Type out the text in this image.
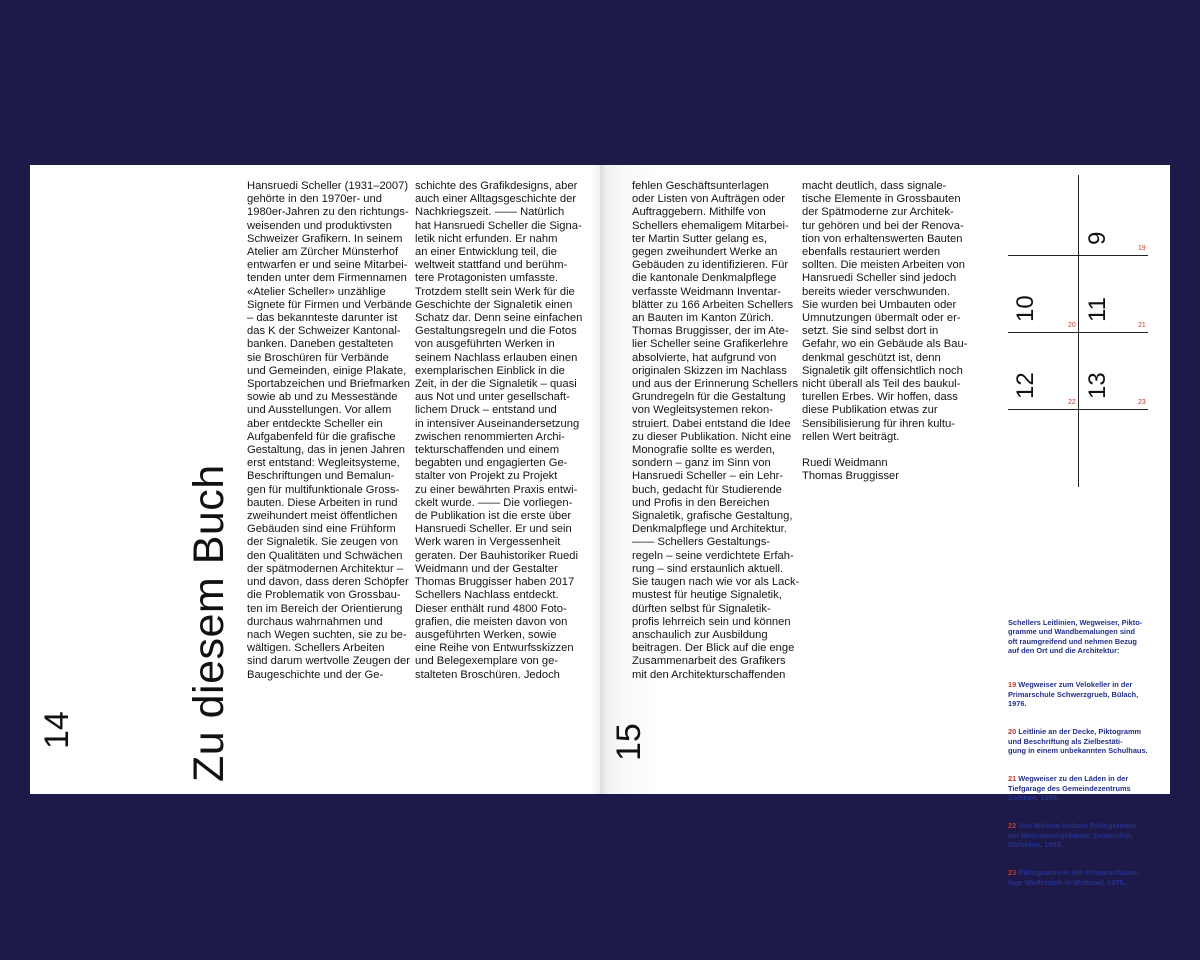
14	Zu diesem Buch
Hansruedi Scheller (1931–2007)
gehörte in den 1970er- und
1980er-Jahren zu den richtungs-
weisenden und produktivsten
Schweizer Grafikern. In seinem
Atelier am Zürcher Münsterhof
entwarfen er und seine Mitarbei-
tenden unter dem Firmennamen
«Atelier Scheller» unzählige
Signete für Firmen und Verbände
– das bekannteste darunter ist
das K der Schweizer Kantonal-
banken. Daneben gestalteten
sie Broschüren für Verbände
und Gemeinden, einige Plakate,
Sportabzeichen und Briefmarken
sowie ab und zu Messestände
und Ausstellungen. Vor allem
aber entdeckte Scheller ein
Aufgabenfeld für die grafische
Gestaltung, das in jenen Jahren
erst entstand: Wegleitsysteme,
Beschriftungen und Bemalun-
gen für multifunktionale Gross-
bauten. Diese Arbeiten in rund
zweihundert meist öffentlichen
Gebäuden sind eine Frühform
der Signaletik. Sie zeugen von
den Qualitäten und Schwächen
der spätmodernen Architektur –
und davon, dass deren Schöpfer
die Problematik von Grossbau-
ten im Bereich der Orientierung
durchaus wahrnahmen und
nach Wegen suchten, sie zu be-
wältigen. Schellers Arbeiten
sind darum wertvolle Zeugen der
Baugeschichte und der Ge-
schichte des Grafikdesigns, aber
auch einer Alltagsgeschichte der
Nachkriegszeit. —— Natürlich
hat Hansruedi Scheller die Signa-
letik nicht erfunden. Er nahm
an einer Entwicklung teil, die
weltweit stattfand und berühm-
tere Protagonisten umfasste.
Trotzdem stellt sein Werk für die
Geschichte der Signaletik einen
Schatz dar. Denn seine einfachen
Gestaltungsregeln und die Fotos
von ausgeführten Werken in
seinem Nachlass erlauben einen
exemplarischen Einblick in die
Zeit, in der die Signaletik – quasi
aus Not und unter gesellschaft-
lichem Druck – entstand und
in intensiver Auseinandersetzung
zwischen renommierten Archi-
tekturschaffenden und einem
begabten und engagierten Ge-
stalter von Projekt zu Projekt
zu einer bewährten Praxis entwi-
ckelt wurde. —— Die vorliegen-
de Publikation ist die erste über
Hansruedi Scheller. Er und sein
Werk waren in Vergessenheit
geraten. Der Bauhistoriker Ruedi
Weidmann und der Gestalter
Thomas Bruggisser haben 2017
Schellers Nachlass entdeckt.
Dieser enthält rund 4800 Foto-
grafien, die meisten davon von
ausgeführten Werken, sowie
eine Reihe von Entwurfsskizzen
und Belegexemplare von ge-
stalteten Broschüren. Jedoch
15
fehlen Geschäftsunterlagen
oder Listen von Aufträgen oder
Auftraggebern. Mithilfe von
Schellers ehemaligem Mitarbei-
ter Martin Sutter gelang es,
gegen zweihundert Werke an
Gebäuden zu identifizieren. Für
die kantonale Denkmalpflege
verfasste Weidmann Inventar-
blätter zu 166 Arbeiten Schellers
an Bauten im Kanton Zürich.
Thomas Bruggisser, der im Ate-
lier Scheller seine Grafikerlehre
absolvierte, hat aufgrund von
originalen Skizzen im Nachlass
und aus der Erinnerung Schellers
Grundregeln für die Gestaltung
von Wegleitsystemen rekon-
struiert. Dabei entstand die Idee
zu dieser Publikation. Nicht eine
Monografie sollte es werden,
sondern – ganz im Sinn von
Hansruedi Scheller – ein Lehr-
buch, gedacht für Studierende
und Profis in den Bereichen
Signaletik, grafische Gestaltung,
Denkmalpflege und Architektur.
—— Schellers Gestaltungs-
regeln – seine verdichtete Erfah-
rung – sind erstaunlich aktuell.
Sie taugen nach wie vor als Lack-
mustest für heutige Signaletik,
dürften selbst für Signaletik-
profis lehrreich sein und können
anschaulich zur Ausbildung
beitragen. Der Blick auf die enge
Zusammenarbeit des Grafikers
mit den Architekturschaffenden
macht deutlich, dass signale-
tische Elemente in Grossbauten
der Spätmoderne zur Architek-
tur gehören und bei der Renova-
tion von erhaltenswerten Bauten
ebenfalls restauriert werden
sollten. Die meisten Arbeiten von
Hansruedi Scheller sind jedoch
bereits wieder verschwunden.
Sie wurden bei Umbauten oder
Umnutzungen übermalt oder er-
setzt. Sie sind selbst dort in
Gefahr, wo ein Gebäude als Bau-
denkmal geschützt ist, denn
Signaletik gilt offensichtlich noch
nicht überall als Teil des baukul-
turellen Erbes. Wir hoffen, dass
diese Publikation etwas zur
Sensibilisierung für ihren kultu-
rellen Wert beiträgt.

Ruedi Weidmann
Thomas Bruggisser
9
19
10
20
11
21
12
22
13
23

Schellers Leitlinien, Wegweiser, Pikto-
gramme und Wandbemalungen sind
oft raumgreifend und nehmen Bezug
auf den Ort und die Architektur:

19 Wegweiser zum Velokeller in der
Primarschule Schwerzgrueb, Bülach,
1976.

20 Leitlinie an der Decke, Piktogramm
und Beschriftung als Zielbestäti-
gung in einem unbekannten Schulhaus.

21 Wegweiser zu den Läden in der
Tiefgarage des Gemeindezentrums
Zollikon, 1988.

22 Von Weitem lesbare Piktogramme
am Mehrzweckgebäude Zendenfrei,
Obfelden, 1983.

23 Piktogramm in der Primarschulan-
lage Wolfetsloh in Wettswil, 1975.
